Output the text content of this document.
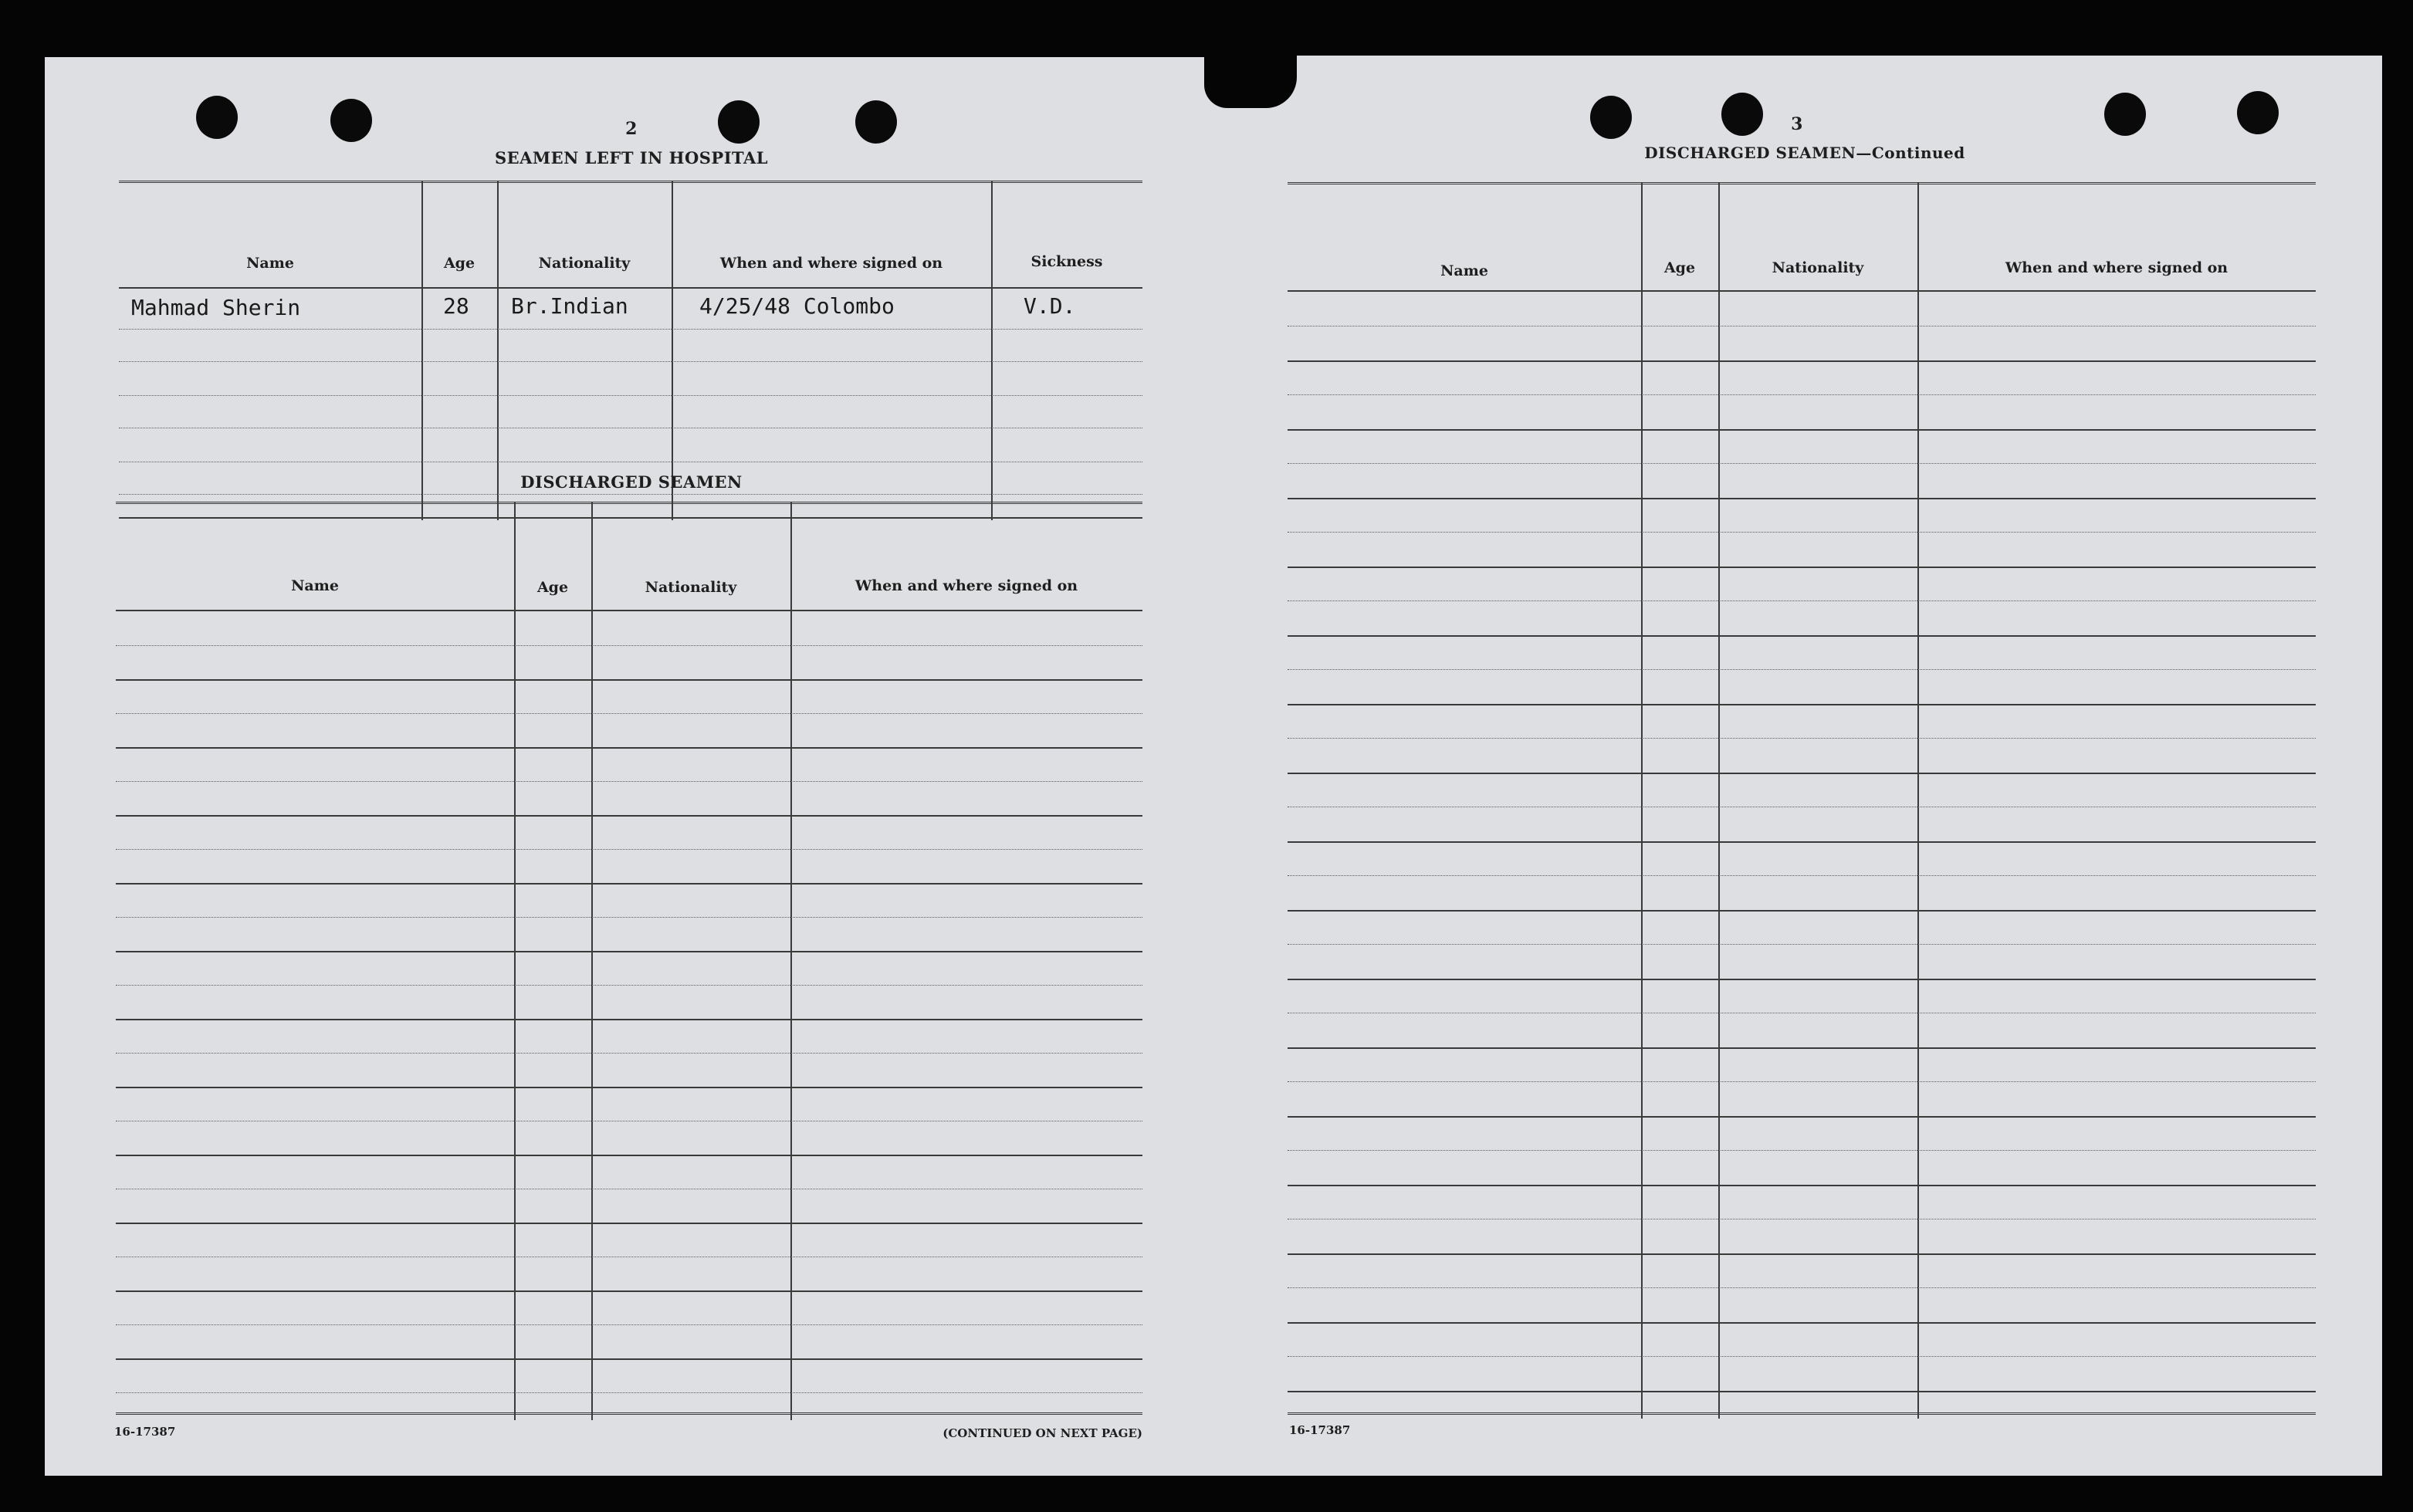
2
SEAMEN LEFT IN HOSPITAL
Name	Age	Nationality	When and where signed on	Sickness
Mahmad Sherin	28 Br.Indian	4/25/48 Colombo	V.D.
DISCHARGED SEAMEN
Name	Age	Nationality	When and where signed on
16-17387	(CONTINUED ON NEXT PAGE)
3
DISCHARGED SEAMEN—Continued
Name	Age	Nationality	When and where signed on
16-17387
